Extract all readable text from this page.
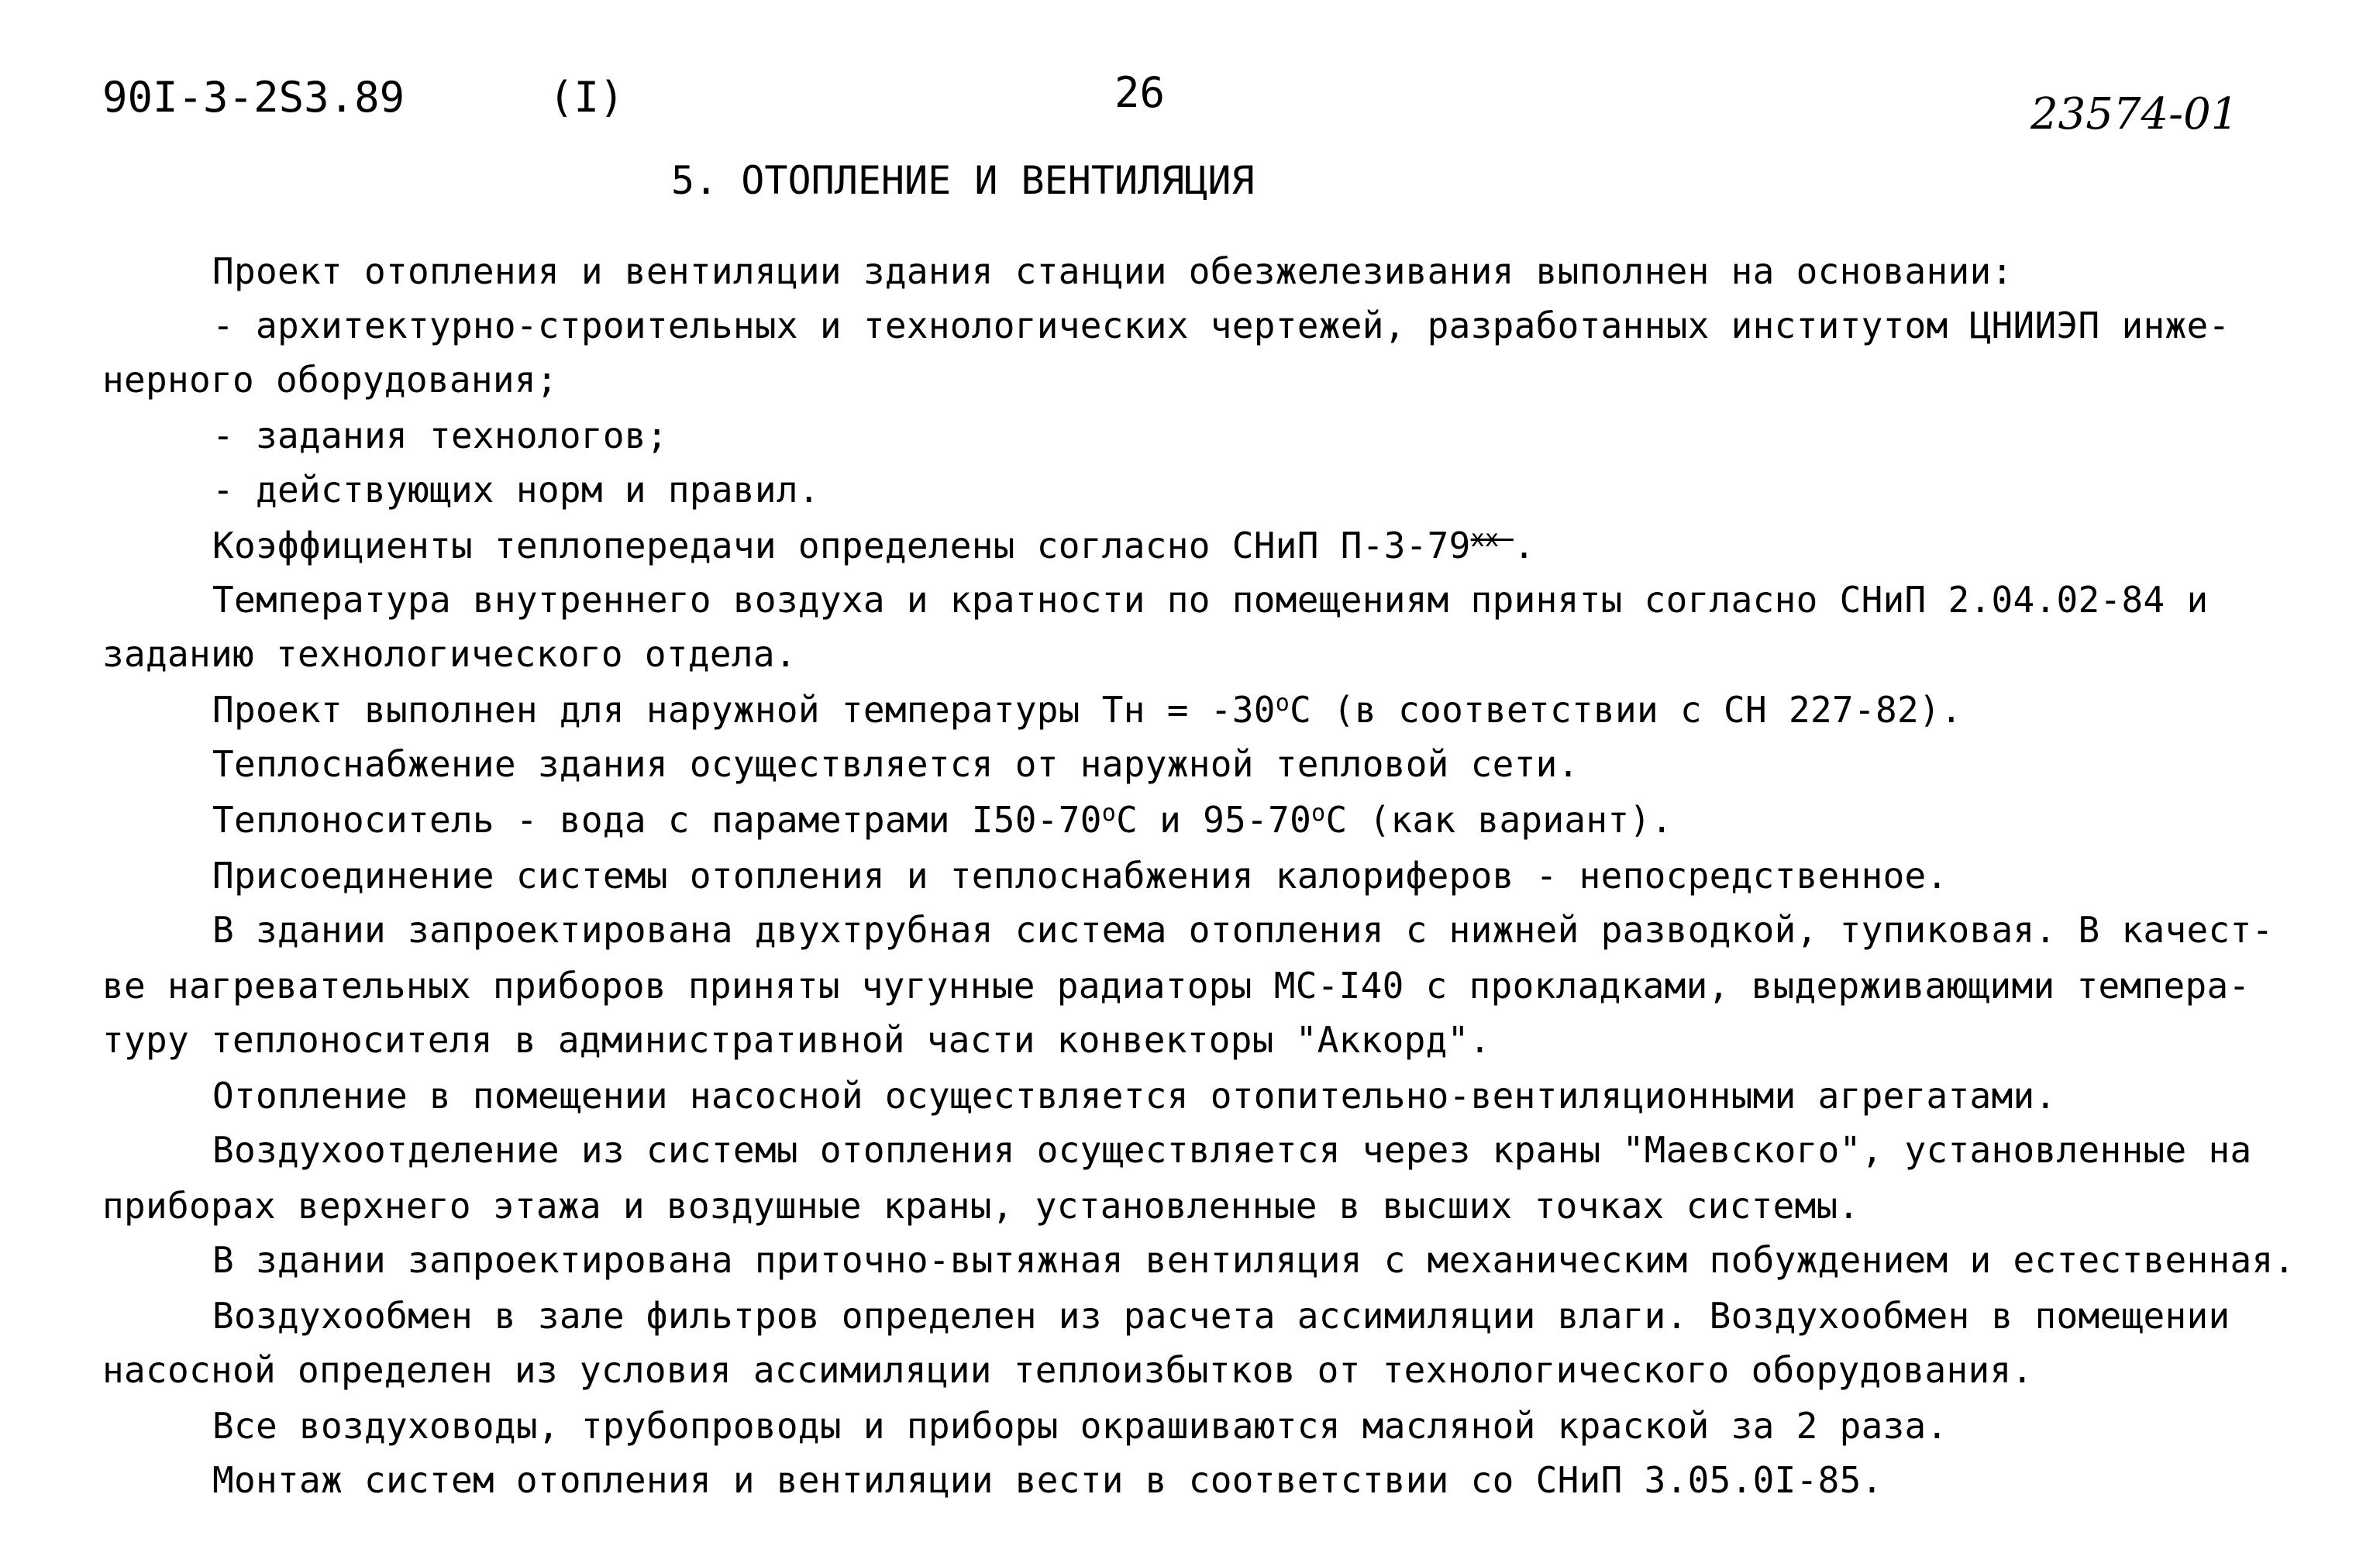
90I-3-2S3.89	(I)	26	23574-01
5. ОТОПЛЕНИЕ И ВЕНТИЛЯЦИЯ
Проект отопления и вентиляции здания станции обезжелезивания выполнен на основании:
- архитектурно-строительных и технологических чертежей, разработанных институтом ЦНИИЭП инже-
нерного оборудования;
- задания технологов;
- действующих норм и правил.
Коэффициенты теплопередачи определены согласно СНиП $П-3-79^{хх-}$.
Температура внутреннего воздуха и кратности по помещениям приняты согласно СНиП 2.04.02-84 и
заданию технологического отдела.
Проект выполнен для наружной температуры Тн = $-30^оС$ (в соответствии с СН 227-82).
Теплоснабжение здания осуществляется от наружной тепловой сети.
Теплоноситель - вода с параметрами $I50-70^оС$ и $95-70^оС$ (как вариант).
Присоединение системы отопления и теплоснабжения калориферов - непосредственное.
В здании запроектирована двухтрубная система отопления с нижней разводкой, тупиковая. В качест-
ве нагревательных приборов приняты чугунные радиаторы МС-I40 с прокладками, выдерживающими темпера-
туру теплоносителя в административной части конвекторы "Аккорд".
Отопление в помещении насосной осуществляется отопительно-вентиляционными агрегатами.
Воздухоотделение из системы отопления осуществляется через краны "Маевского", установленные на
приборах верхнего этажа и воздушные краны, установленные в высших точках системы.
В здании запроектирована приточно-вытяжная вентиляция с механическим побуждением и естественная.
Воздухообмен в зале фильтров определен из расчета ассимиляции влаги. Воздухообмен в помещении
насосной определен из условия ассимиляции теплоизбытков от технологического оборудования.
Все воздуховоды, трубопроводы и приборы окрашиваются масляной краской за 2 раза.
Монтаж систем отопления и вентиляции вести в соответствии со СНиП 3.05.0I-85.
